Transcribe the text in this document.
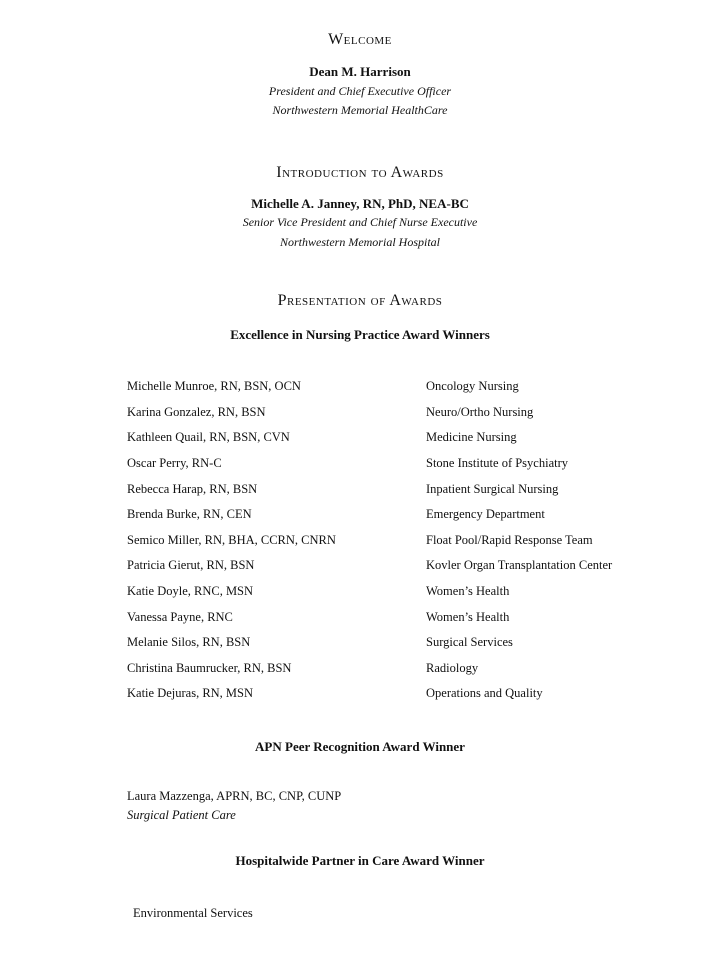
Welcome
Dean M. Harrison
President and Chief Executive Officer
Northwestern Memorial HealthCare
Introduction to Awards
Michelle A. Janney, RN, PhD, NEA-BC
Senior Vice President and Chief Nurse Executive
Northwestern Memorial Hospital
Presentation of Awards
Excellence in Nursing Practice Award Winners
Michelle Munroe, RN, BSN, OCN	Oncology Nursing
Karina Gonzalez, RN, BSN	Neuro/Ortho Nursing
Kathleen Quail, RN, BSN, CVN	Medicine Nursing
Oscar Perry, RN-C	Stone Institute of Psychiatry
Rebecca Harap, RN, BSN	Inpatient Surgical Nursing
Brenda Burke, RN, CEN	Emergency Department
Semico Miller, RN, BHA, CCRN, CNRN	Float Pool/Rapid Response Team
Patricia Gierut, RN, BSN	Kovler Organ Transplantation Center
Katie Doyle, RNC, MSN	Women’s Health
Vanessa Payne, RNC	Women’s Health
Melanie Silos, RN, BSN	Surgical Services
Christina Baumrucker, RN, BSN	Radiology
Katie Dejuras, RN, MSN	Operations and Quality
APN Peer Recognition Award Winner
Laura Mazzenga, APRN, BC, CNP, CUNP
Surgical Patient Care
Hospitalwide Partner in Care Award Winner
Environmental Services
